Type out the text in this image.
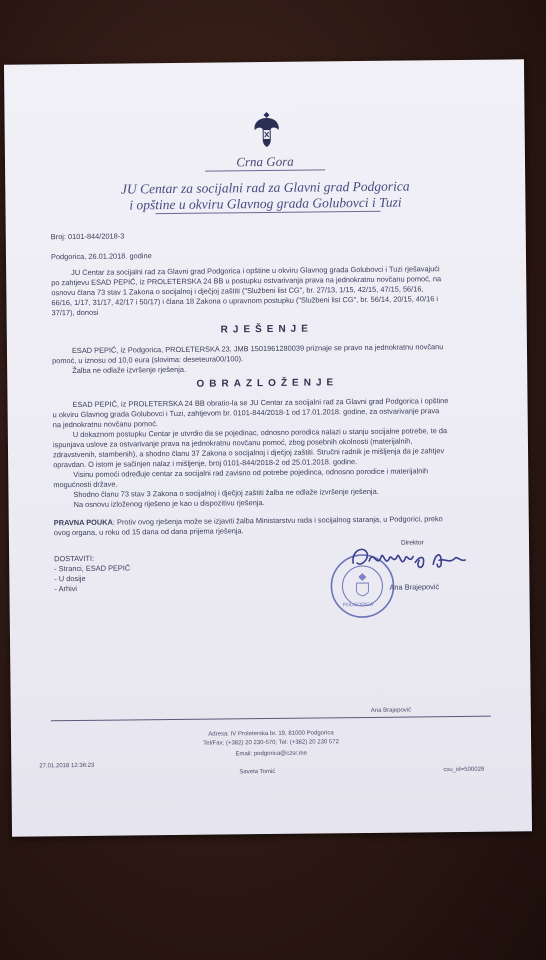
Crna Gora
JU Centar za socijalni rad za Glavni grad Podgorica
i opštine u okviru Glavnog grada Golubovci i Tuzi
Broj: 0101-844/2018-3
Podgorica, 26.01.2018. godine
JU Centar za socijalni rad za Glavni grad Podgorica i opštine u okviru Glavnog grada Golubovci i Tuzi rješavajući
po zahtjevu ESAD PEPIĆ, iz PROLETERSKA 24 BB u postupku ostvarivanja prava na jednokratnu novčanu pomoć, na
osnovu člana 73 stav 1 Zakona o socijalnoj i dječjoj zaštiti ("Službeni list CG", br. 27/13, 1/15, 42/15, 47/15, 56/16,
66/16, 1/17, 31/17, 42/17 i 50/17) i člana 18 Zakona o upravnom postupku ("Službeni list CG", br. 56/14, 20/15, 40/16 i
37/17), donosi
RJEŠENJE
ESAD PEPIĆ, iz Podgorica, PROLETERSKA 23, JMB 1501961280039 priznaje se pravo na jednokratnu novčanu
pomoć, u iznosu od 10,0 eura (slovima: deseteura00/100).
Žalba ne odlaže izvršenje rješenja.
OBRAZLOŽENJE
ESAD PEPIĆ, iz PROLETERSKA 24 BB obratio-la se JU Centar za socijalni rad za Glavni grad Podgorica i opštine
u okviru Glavnog grada Golubovci i Tuzi, zahtjevom br. 0101-844/2018-1 od 17.01.2018. godine, za ostvarivanje prava
na jednokratnu novčanu pomoć.
U dokaznom postupku Centar je utvrdio da se pojedinac, odnosno porodica nalazi u stanju socijalne potrebe, te da
ispunjava uslove za ostvarivanje prava na jednokratnu novčanu pomoć, zbog posebnih okolnosti (materijalnih,
zdravstvenih, stambenih), a shodno članu 37 Zakona o socijalnoj i dječjoj zaštiti. Stručni radnik je mišljenja da je zahtjev
opravdan. O istom je sačinjen nalaz i mišljenje, broj 0101-844/2018-2 od 25.01.2018. godine.
Visinu pomoći određuje centar za socijalni rad zavisno od potrebe pojedinca, odnosno porodice i materijalnih
mogućnosti države.
Shodno članu 73 stav 3 Zakona o socijalnoj i dječjoj zaštiti žalba ne odlaže izvršenje rješenja.
Na osnovu izloženog riješeno je kao u dispozitivu rješenja.
PRAVNA POUKA: Protiv ovog rješenja može se izjaviti žalba Ministarstvu rada i socijalnog staranja, u Podgorici, preko
ovog organa, u roku od 15 dana od dana prijema rješenja.
DOSTAVITI:
- Stranci, ESAD PEPIĆ
- U dosije
- Arhivi
Direktor
PODGORICA
Ana Brajepović
Ana Brajepović
Adresa: IV Proleterska br. 19, 81000 Podgorica
Tel/Fax: (+382) 20 230-570; Tel: (+382) 20 230 572
Email: podgorica@czsr.me
27.01.2018 12:36:23
Saveta Tomić	csu_id=500029
